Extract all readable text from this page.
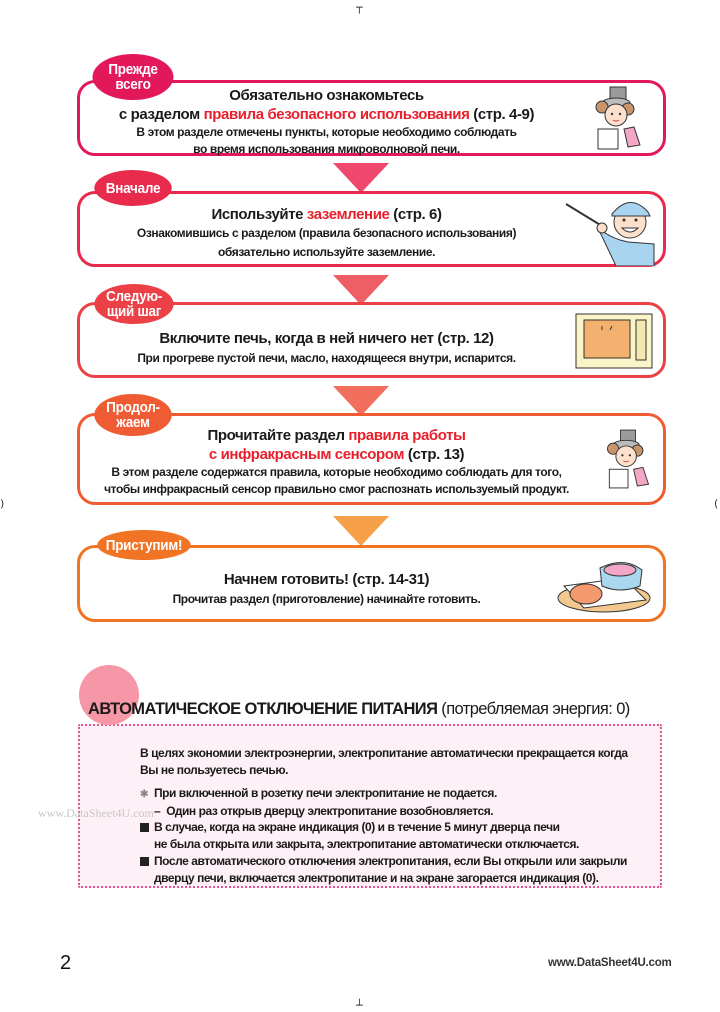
┬
)	(
┴
Обязательно ознакомьтесь
с разделом правила безопасного использования (стр. 4-9)
В этом разделе отмечены пункты, которые необходимо соблюдать
во время использования микроволновой печи.
Прежде
всего
Используйте заземление (стр. 6)
Ознакомившись с разделом (правила безопасного использования)
обязательно используйте заземление.
Вначале
Включите печь, когда в ней ничего нет (стр. 12)
При прогреве пустой печи, масло, находящееся внутри, испарится.
Следую-
щий шаг
Прочитайте раздел правила работы
с инфракрасным сенсором (стр. 13)
В этом разделе содержатся правила, которые необходимо соблюдать для того,
чтобы инфракрасный сенсор правильно смог распознать используемый продукт.
Продол-
жаем
Начнем готовить! (стр. 14-31)
Прочитав раздел (приготовление) начинайте готовить.
Приступим!
АВТОМАТИЧЕСКОЕ ОТКЛЮЧЕНИЕ ПИТАНИЯ (потребляемая энергия: 0)
В целях экономии электроэнергии, электропитание автоматически прекращается когда
Вы не пользуетесь печью.
✱ При включенной в розетку печи электропитание не подается.
– Один раз открыв дверцу электропитание возобновляется.
В случае, когда на экране индикация (0) и в течение 5 минут дверца печи
не была открыта или закрыта, электропитание автоматически отключается.
После автоматического отключения электропитания, если Вы открыли или закрыли
дверцу печи, включается электропитание и на экране загорается индикация (0).
www.DataSheet4U.com
2	www.DataSheet4U.com
